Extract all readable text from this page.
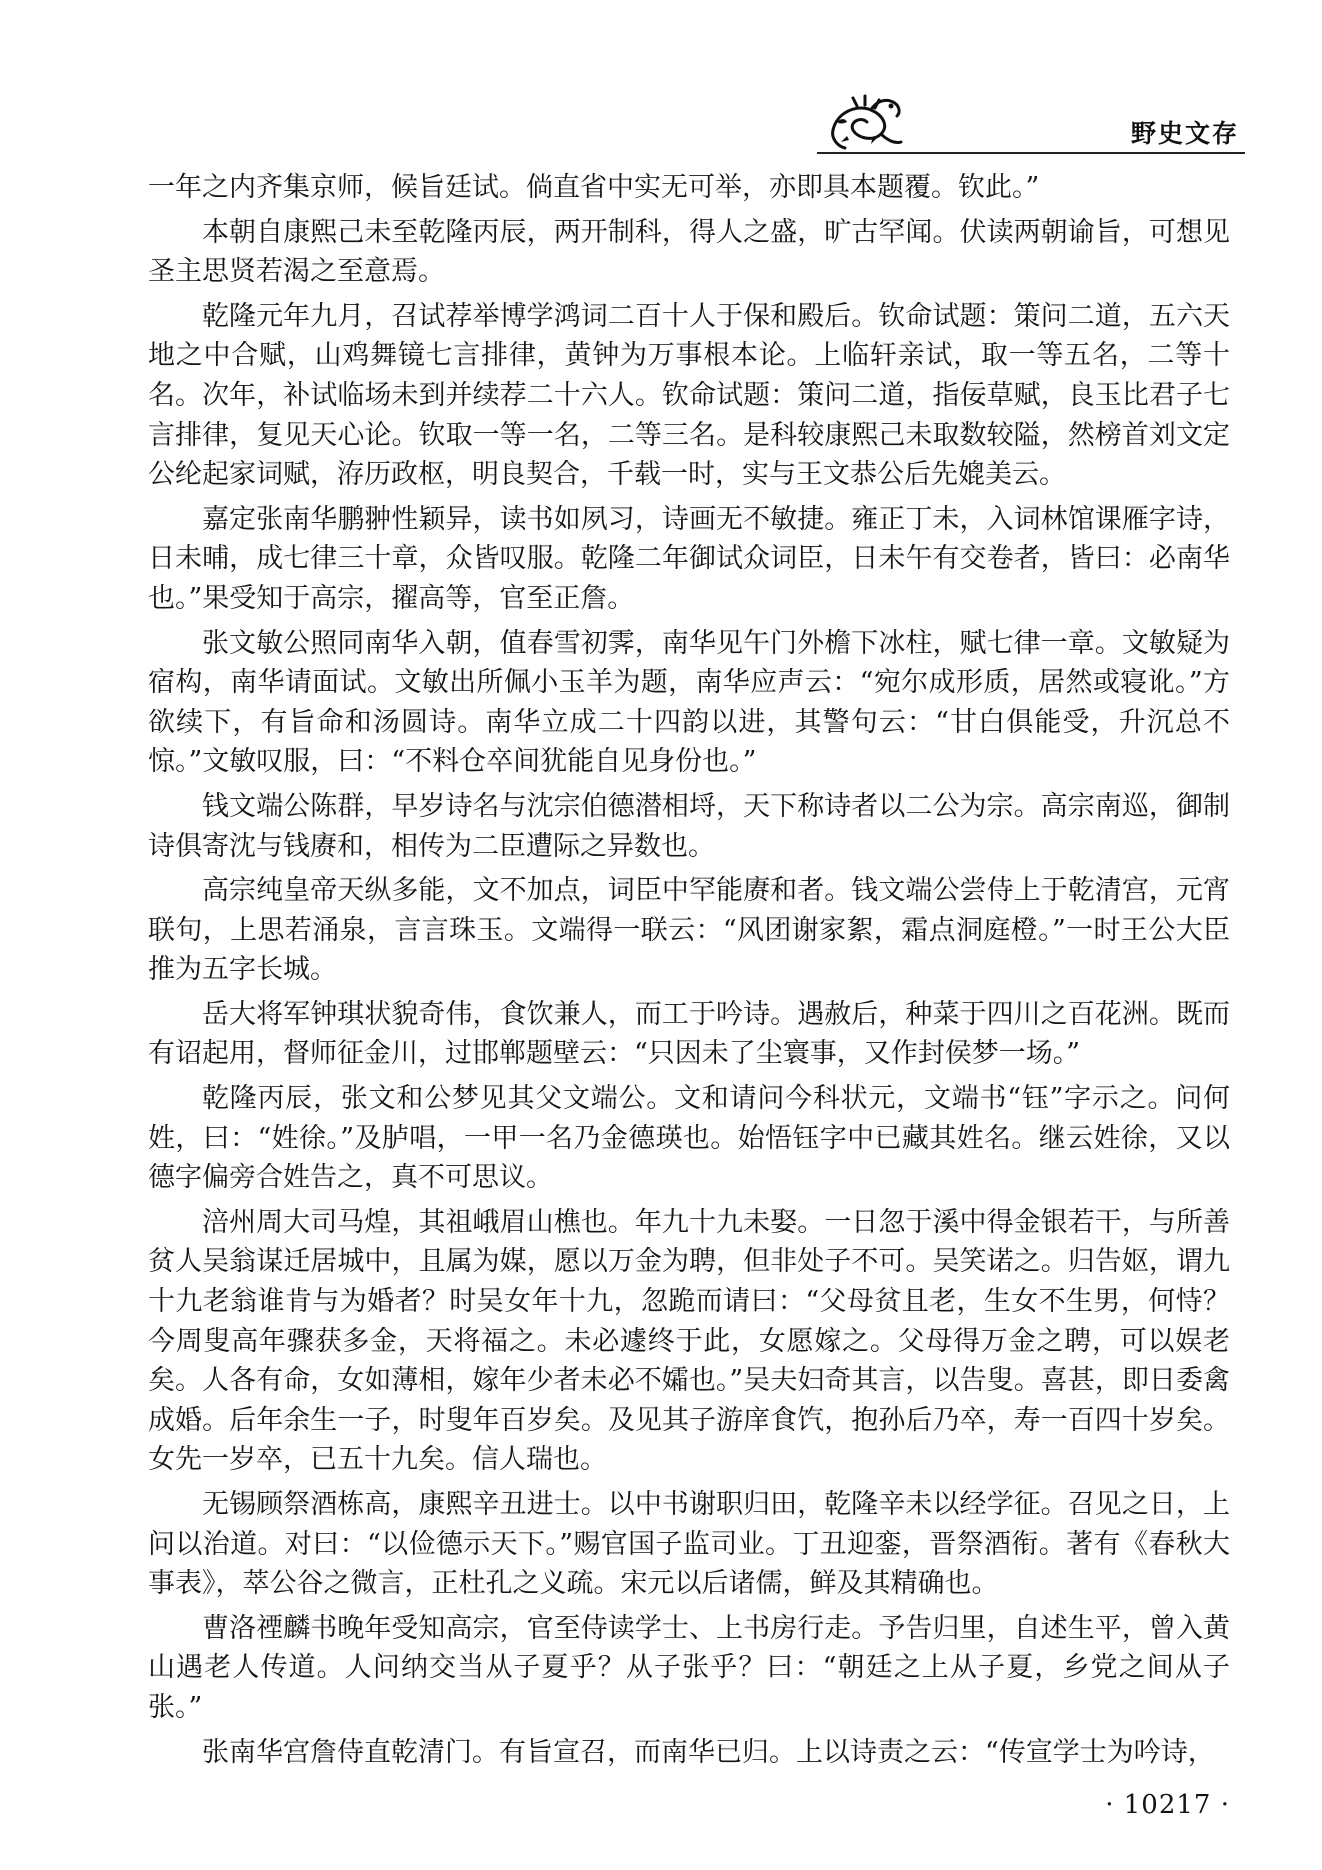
野史文存

一年之内齐集京师，候旨廷试。倘直省中实无可举，亦即具本题覆。钦此。”

本朝自康熙己未至乾隆丙辰，两开制科，得人之盛，旷古罕闻。伏读两朝谕旨，可想见圣主思贤若渴之至意焉。

乾隆元年九月，召试荐举博学鸿词二百十人于保和殿后。钦命试题：策问二道，五六天地之中合赋，山鸡舞镜七言排律，黄钟为万事根本论。上临轩亲试，取一等五名，二等十名。次年，补试临场未到并续荐二十六人。钦命试题：策问二道，指佞草赋，良玉比君子七言排律，复见天心论。钦取一等一名，二等三名。是科较康熙己未取数较隘，然榜首刘文定公纶起家词赋，洊历政枢，明良契合，千载一时，实与王文恭公后先媲美云。

嘉定张南华鹏翀性颖异，读书如夙习，诗画无不敏捷。雍正丁未，入词林馆课雁字诗，日未晡，成七律三十章，众皆叹服。乾隆二年御试众词臣，日未午有交卷者，皆曰：必南华也。”果受知于高宗，擢高等，官至正詹。

张文敏公照同南华入朝，值春雪初霁，南华见午门外檐下冰柱，赋七律一章。文敏疑为宿构，南华请面试。文敏出所佩小玉羊为题，南华应声云：“宛尔成形质，居然或寝讹。”方欲续下，有旨命和汤圆诗。南华立成二十四韵以进，其警句云：“甘白俱能受，升沉总不惊。”文敏叹服，曰：“不料仓卒间犹能自见身份也。”

钱文端公陈群，早岁诗名与沈宗伯德潜相埒，天下称诗者以二公为宗。高宗南巡，御制诗俱寄沈与钱赓和，相传为二臣遭际之异数也。

高宗纯皇帝天纵多能，文不加点，词臣中罕能赓和者。钱文端公尝侍上于乾清宫，元宵联句，上思若涌泉，言言珠玉。文端得一联云：“风团谢家絮，霜点洞庭橙。”一时王公大臣推为五字长城。

岳大将军钟琪状貌奇伟，食饮兼人，而工于吟诗。遇赦后，种菜于四川之百花洲。既而有诏起用，督师征金川，过邯郸题壁云：“只因未了尘寰事，又作封侯梦一场。”

乾隆丙辰，张文和公梦见其父文端公。文和请问今科状元，文端书“钰”字示之。问何姓，曰：“姓徐。”及胪唱，一甲一名乃金德瑛也。始悟钰字中已藏其姓名。继云姓徐，又以德字偏旁合姓告之，真不可思议。

涪州周大司马煌，其祖峨眉山樵也。年九十九未娶。一日忽于溪中得金银若干，与所善贫人吴翁谋迁居城中，且属为媒，愿以万金为聘，但非处子不可。吴笑诺之。归告妪，谓九十九老翁谁肯与为婚者？时吴女年十九，忽跪而请曰：“父母贫且老，生女不生男，何恃？今周叟高年骤获多金，天将福之。未必遽终于此，女愿嫁之。父母得万金之聘，可以娱老矣。人各有命，女如薄相，嫁年少者未必不孀也。”吴夫妇奇其言，以告叟。喜甚，即日委禽成婚。后年余生一子，时叟年百岁矣。及见其子游庠食饩，抱孙后乃卒，寿一百四十岁矣。女先一岁卒，已五十九矣。信人瑞也。

无锡顾祭酒栋高，康熙辛丑进士。以中书谢职归田，乾隆辛未以经学征。召见之日，上问以治道。对曰：“以俭德示天下。”赐官国子监司业。丁丑迎銮，晋祭酒衔。著有《春秋大事表》，萃公谷之微言，正杜孔之义疏。宋元以后诸儒，鲜及其精确也。

曹洛禋麟书晚年受知高宗，官至侍读学士、上书房行走。予告归里，自述生平，曾入黄山遇老人传道。人问纳交当从子夏乎？从子张乎？曰：“朝廷之上从子夏，乡党之间从子张。”

张南华宫詹侍直乾清门。有旨宣召，而南华已归。上以诗责之云：“传宣学士为吟诗，

· 10217 ·
